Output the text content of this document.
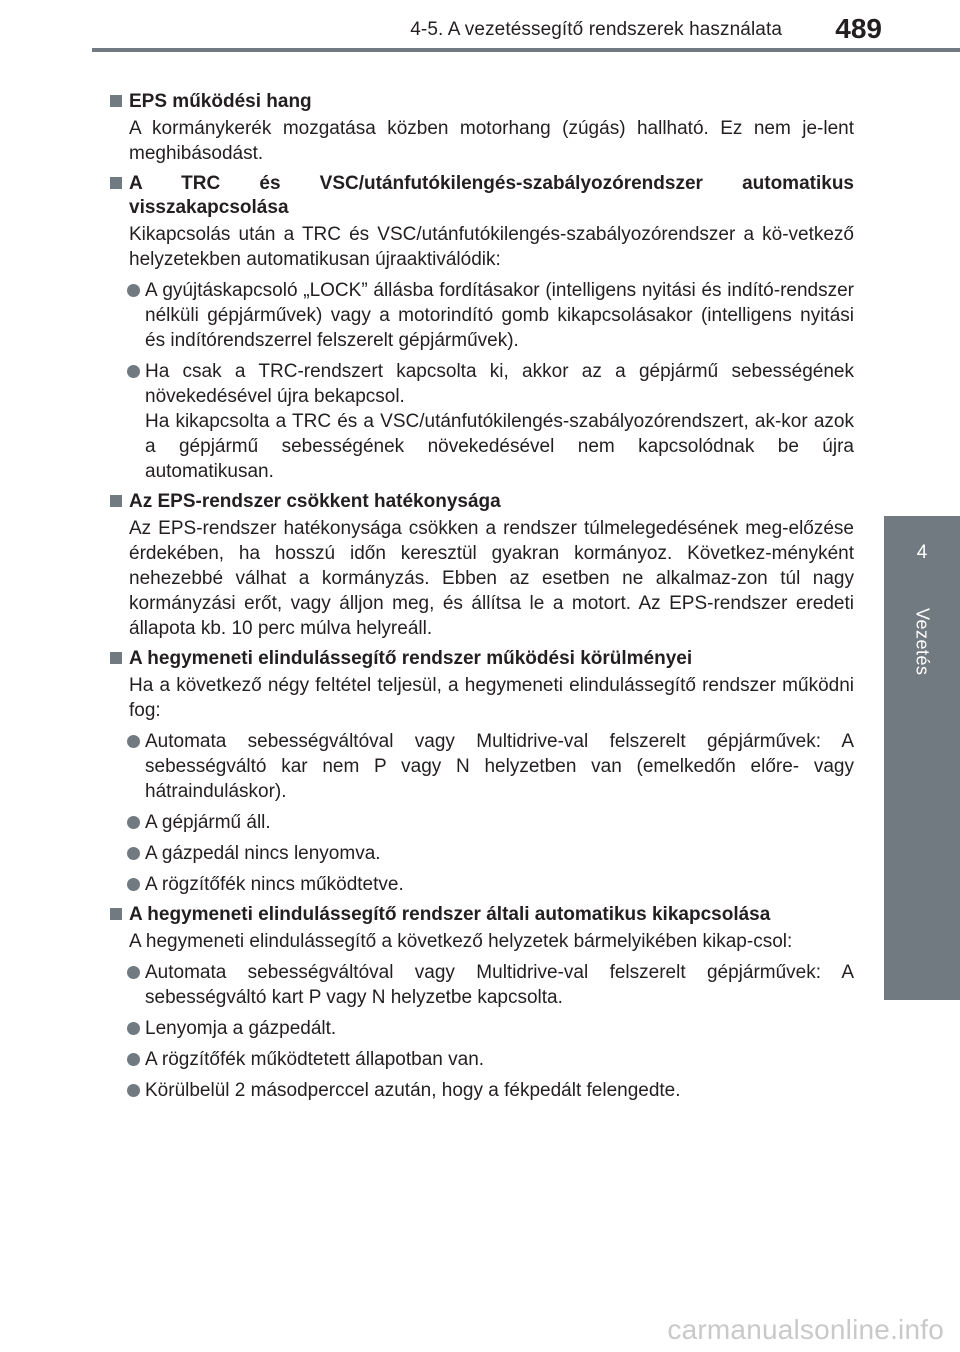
4-5. A vezetéssegítő rendszerek használata 489
4
Vezetés
EPS működési hang
A kormánykerék mozgatása közben motorhang (zúgás) hallható. Ez nem je-lent meghibásodást.
A TRC és VSC/utánfutókilengés-szabályozórendszer automatikus visszakapcsolása
Kikapcsolás után a TRC és VSC/utánfutókilengés-szabályozórendszer a kö-vetkező helyzetekben automatikusan újraaktiválódik:
A gyújtáskapcsoló „LOCK” állásba fordításakor (intelligens nyitási és indító-rendszer nélküli gépjárművek) vagy a motorindító gomb kikapcsolásakor (intelligens nyitási és indítórendszerrel felszerelt gépjárművek).
Ha csak a TRC-rendszert kapcsolta ki, akkor az a gépjármű sebességének növekedésével újra bekapcsol.
Ha kikapcsolta a TRC és a VSC/utánfutókilengés-szabályozórendszert, ak-kor azok a gépjármű sebességének növekedésével nem kapcsolódnak be újra automatikusan.
Az EPS-rendszer csökkent hatékonysága
Az EPS-rendszer hatékonysága csökken a rendszer túlmelegedésének meg-előzése érdekében, ha hosszú időn keresztül gyakran kormányoz. Következ-ményként nehezebbé válhat a kormányzás. Ebben az esetben ne alkalmaz-zon túl nagy kormányzási erőt, vagy álljon meg, és állítsa le a motort. Az EPS-rendszer eredeti állapota kb. 10 perc múlva helyreáll.
A hegymeneti elindulássegítő rendszer működési körülményei
Ha a következő négy feltétel teljesül, a hegymeneti elindulássegítő rendszer működni fog:
Automata sebességváltóval vagy Multidrive-val felszerelt gépjárművek: A sebességváltó kar nem P vagy N helyzetben van (emelkedőn előre- vagy hátrainduláskor).
A gépjármű áll.
A gázpedál nincs lenyomva.
A rögzítőfék nincs működtetve.
A hegymeneti elindulássegítő rendszer általi automatikus kikapcsolása
A hegymeneti elindulássegítő a következő helyzetek bármelyikében kikap-csol:
Automata sebességváltóval vagy Multidrive-val felszerelt gépjárművek: A sebességváltó kart P vagy N helyzetbe kapcsolta.
Lenyomja a gázpedált.
A rögzítőfék működtetett állapotban van.
Körülbelül 2 másodperccel azután, hogy a fékpedált felengedte.
carmanualsonline.info
